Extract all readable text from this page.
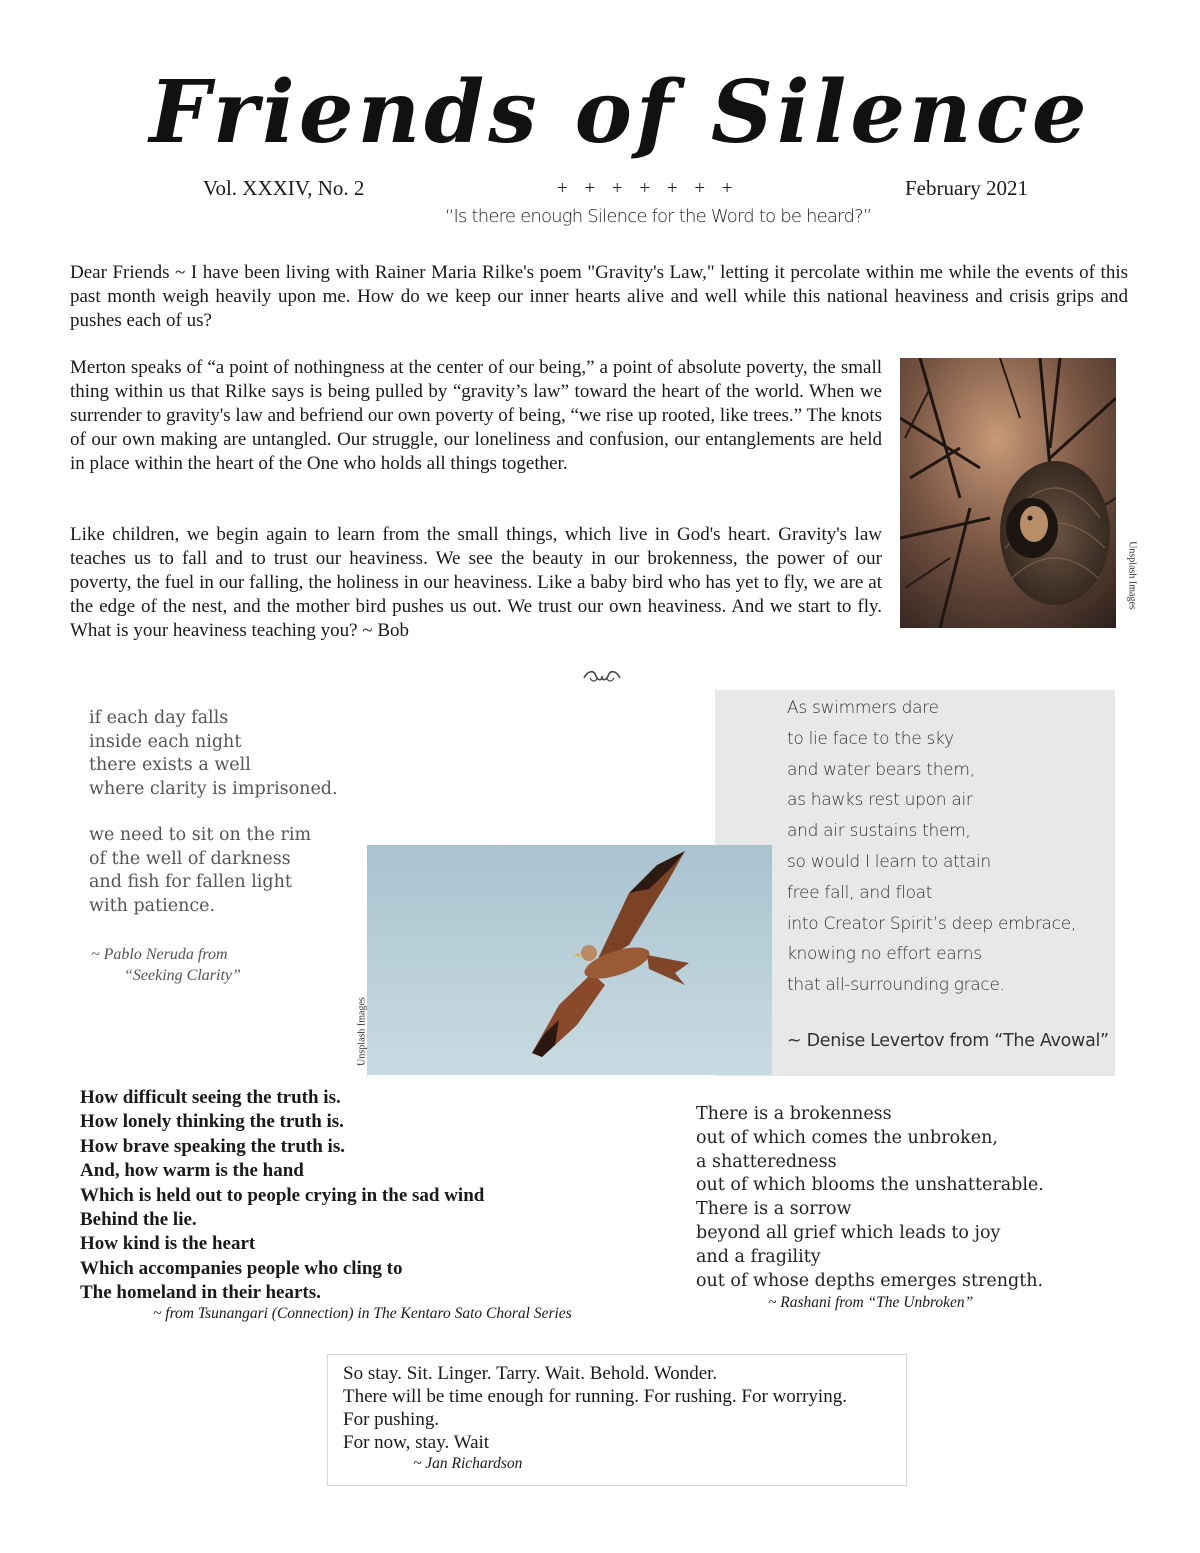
Friends of Silence
Vol. XXXIV, No. 2	+ + + + + + +	February 2021
“Is there enough Silence for the Word to be heard?”
Dear Friends ~ I have been living with Rainer Maria Rilke's poem "Gravity's Law," letting it percolate within me while the events of this past month weigh heavily upon me. How do we keep our inner hearts alive and well while this national heaviness and crisis grips and pushes each of us?
Merton speaks of “a point of nothingness at the center of our being,” a point of absolute poverty, the small thing within us that Rilke says is being pulled by “gravity’s law” toward the heart of the world. When we surrender to gravity's law and befriend our own poverty of being, “we rise up rooted, like trees.” The knots of our own making are untangled. Our struggle, our loneliness and confusion, our entanglements are held in place within the heart of the One who holds all things together.
Like children, we begin again to learn from the small things, which live in God's heart. Gravity's law teaches us to fall and to trust our heaviness. We see the beauty in our brokenness, the power of our poverty, the fuel in our falling, the holiness in our heaviness. Like a baby bird who has yet to fly, we are at the edge of the nest, and the mother bird pushes us out. We trust our own heaviness. And we start to fly. What is your heaviness teaching you? ~ Bob
Unsplash Images
if each day falls
inside each night
there exists a well
where clarity is imprisoned.
we need to sit on the rim
of the well of darkness
and fish for fallen light
with patience.
~ Pablo Neruda from
“Seeking Clarity”
As swimmers dare
to lie face to the sky
and water bears them,
as hawks rest upon air
and air sustains them,
so would I learn to attain
free fall, and float
into Creator Spirit’s deep embrace,
knowing no effort earns
that all-surrounding grace.
~ Denise Levertov from “The Avowal”
Unsplash Images
How difficult seeing the truth is.
How lonely thinking the truth is.
How brave speaking the truth is.
And, how warm is the hand
Which is held out to people crying in the sad wind
Behind the lie.
How kind is the heart
Which accompanies people who cling to
The homeland in their hearts.
~ from Tsunangari (Connection) in The Kentaro Sato Choral Series
There is a brokenness
out of which comes the unbroken,
a shatteredness
out of which blooms the unshatterable.
There is a sorrow
beyond all grief which leads to joy
and a fragility
out of whose depths emerges strength.
~ Rashani from “The Unbroken”
So stay. Sit. Linger. Tarry. Wait. Behold. Wonder.
There will be time enough for running. For rushing. For worrying.
For pushing.
For now, stay. Wait
~ Jan Richardson
